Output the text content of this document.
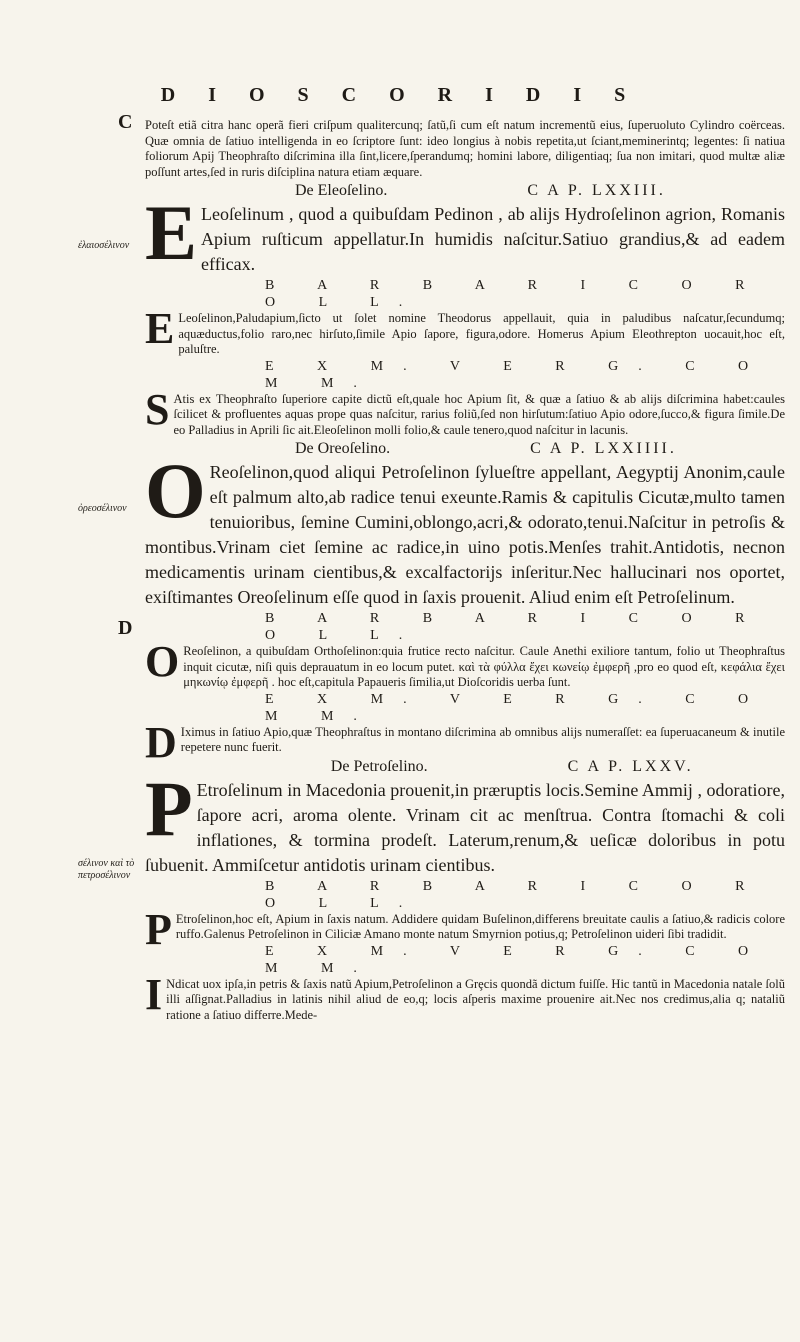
D I O S C O R I D I S
C
ἐλαιοσέλινον
ὀρεοσέλινον
D
σέλινον καὶ τὸ πετροσέλινον

Poteſt etiã citra hanc operã fieri criſpum qualitercunq; ſatũ,ſi cum eſt natum incrementũ eius, ſuperuoluto Cylindro coërceas. Quæ omnia de ſatiuo intelligenda in eo ſcriptore ſunt: ideo longius à nobis repetita,ut ſciant,meminerintq; legentes: ſi natiua foliorum Apij Theophraſto diſcrimina illa ſint,licere,ſperandumq; homini labore, diligentiaq; ſua non imitari, quod multæ aliæ poſſunt artes,ſed in ruris diſciplina natura etiam æquare.

De Eleoſelino.	C A P. LXXIII.

E Leoſelinum , quod a quibuſdam Pedinon , ab alijs Hydroſelinon agrion, Romanis Apium ruſticum appellatur.In humidis naſcitur.Satiuo grandius,& ad eadem efficax.

B A R B A R I C O R O L L.

E Leoſelinon,Paludapium,ſicto ut ſolet nomine Theodorus appellauit, quia in paludibus naſcatur,ſecundumq; aquæductus,folio raro,nec hirſuto,ſimile Apio ſapore, figura,odore. Homerus Apium Eleothrepton uocauit,hoc eſt, paluſtre.

E X M. V E R G. C O M M.

S Atis ex Theophraſto ſuperiore capite dictũ eſt,quale hoc Apium ſit, & quæ a ſatiuo & ab alijs diſcrimina habet:caules ſcilicet & profluentes aquas prope quas naſcitur, rarius foliũ,ſed non hirſutum:ſatiuo Apio odore,ſucco,& figura ſimile.De eo Palladius in Aprili ſic ait.Eleoſelinon molli folio,& caule tenero,quod naſcitur in lacunis.

De Oreoſelino.	C A P. LXXIIII.

O Reoſelinon,quod aliqui Petroſelinon ſylueſtre appellant, Aegyptij Anonim,caule eſt palmum alto,ab radice tenui exeunte.Ramis & capitulis Cicutæ,multo tamen tenuioribus, ſemine Cumini,oblongo,acri,& odorato,tenui.Naſcitur in petroſis & montibus.Vrinam ciet ſemine ac radice,in uino potis.Menſes trahit.Antidotis, necnon medicamentis urinam cientibus,& excalfactorijs inſeritur.Nec hallucinari nos oportet, exiſtimantes Oreoſelinum eſſe quod in ſaxis prouenit. Aliud enim eſt Petroſelinum.

B A R B A R I C O R O L L.

O Reoſelinon, a quibuſdam Orthoſelinon:quia frutice recto naſcitur. Caule Anethi exiliore tantum, folio ut Theophraſtus inquit cicutæ, niſi quis deprauatum in eo locum putet. καὶ τὰ φύλλα ἔχει κωνείῳ ἐμφερῆ ,pro eo quod eſt, κεφάλια ἔχει μηκωνίῳ ἐμφερῆ . hoc eſt,capitula Papaueris ſimilia,ut Dioſcoridis uerba ſunt.

E X M. V E R G. C O M M.

D Iximus in ſatiuo Apio,quæ Theophraſtus in montano diſcrimina ab omnibus alijs numeraſſet: ea ſuperuacaneum & inutile repetere nunc fuerit.

De Petroſelino.	C A P. LXXV.

P Etroſelinum in Macedonia prouenit,in præruptis locis.Semine Ammij , odoratiore, ſapore acri, aroma olente. Vrinam cit ac menſtrua. Contra ſtomachi & coli inflationes, & tormina prodeſt. Laterum,renum,& ueſicæ doloribus in potu ſubuenit. Ammiſcetur antidotis urinam cientibus.

B A R B A R I C O R O L L.

P Etroſelinon,hoc eſt, Apium in ſaxis natum. Addidere quidam Buſelinon,differens breuitate caulis a ſatiuo,& radicis colore ruffo.Galenus Petroſelinon in Ciliciæ Amano monte natum Smyrnion potius,q; Petroſelinon uideri ſibi tradidit.

E X M. V E R G. C O M M.

I Ndicat uox ipſa,in petris & ſaxis natũ Apium,Petroſelinon a Grȩcis quondã dictum fuiſſe. Hic tantũ in Macedonia natale ſolũ illi aſſignat.Palladius in latinis nihil aliud de eo,q; locis aſperis maxime prouenire ait.Nec nos credimus,alia q; nataliũ ratione a ſatiuo differre.Mede-
